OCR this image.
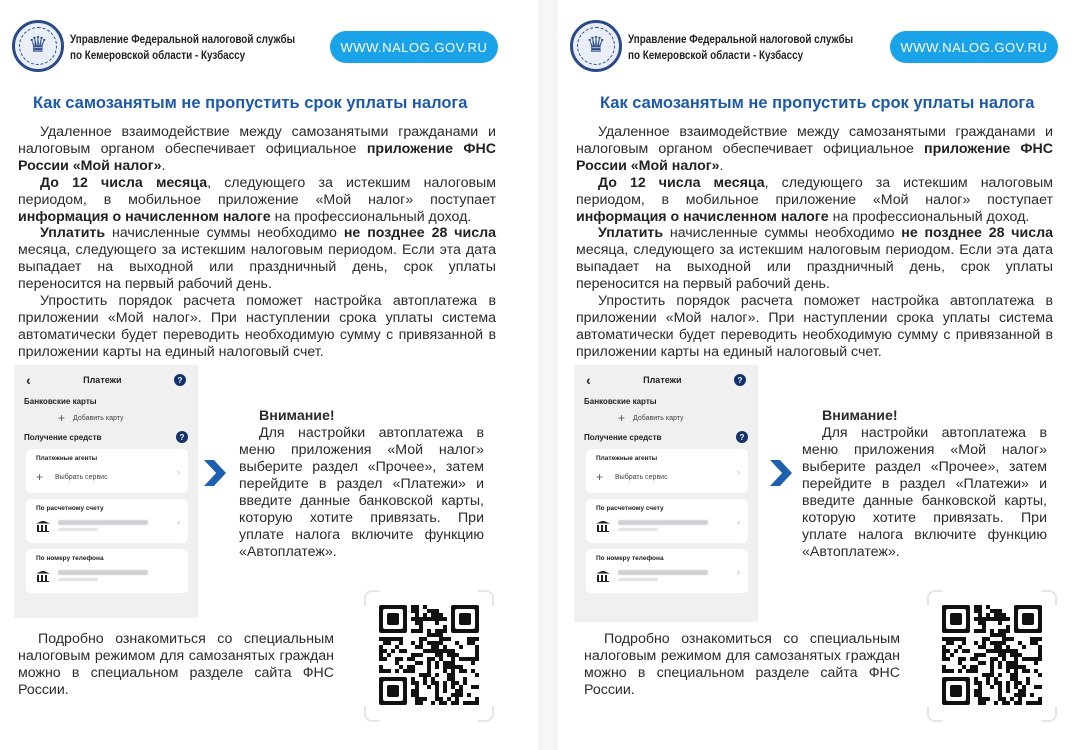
♛ Управление Федеральной налоговой службы
по Кемеровской области - Кузбассу
WWW.NALOG.GOV.RU
Как самозанятым не пропустить срок уплаты налога

Удаленное взаимодействие между самозанятыми гражданами и налоговым органом обеспечивает официальное приложение ФНС России «Мой налог».

До 12 числа месяца, следующего за истекшим налоговым периодом, в мобильное приложение «Мой налог» поступает информация о начисленном налоге на профессиональный доход.

Уплатить начисленные суммы необходимо не позднее 28 числа месяца, следующего за истекшим налоговым периодом. Если эта дата выпадает на выходной или праздничный день, срок уплаты переносится на первый рабочий день.

Упростить порядок расчета поможет настройка автоплатежа в приложении «Мой налог». При наступлении срока уплаты система автоматически будет переводить необходимую сумму с привязанной в приложении карты на единый налоговый счет.

‹	Платежи	?
Банковские карты
+ Добавить карту
Получение средств	?
Платежные агенты
+ Выбрать сервис	›
По расчетному счету
›
По номеру телефона
Внимание!

Для настройки автоплатежа в меню приложения «Мой налог» выберите раздел «Прочее», затем перейдите в раздел «Платежи» и введите данные банковской карты, которую хотите привязать. При уплате налога включите функцию «Автоплатеж».

Подробно ознакомиться со специальным налоговым режимом для самозанятых граждан можно в специальном разделе сайта ФНС России.

♛ Управление Федеральной налоговой службы
по Кемеровской области - Кузбассу
WWW.NALOG.GOV.RU
Как самозанятым не пропустить срок уплаты налога

Удаленное взаимодействие между самозанятыми гражданами и налоговым органом обеспечивает официальное приложение ФНС России «Мой налог».

До 12 числа месяца, следующего за истекшим налоговым периодом, в мобильное приложение «Мой налог» поступает информация о начисленном налоге на профессиональный доход.

Уплатить начисленные суммы необходимо не позднее 28 числа месяца, следующего за истекшим налоговым периодом. Если эта дата выпадает на выходной или праздничный день, срок уплаты переносится на первый рабочий день.

Упростить порядок расчета поможет настройка автоплатежа в приложении «Мой налог». При наступлении срока уплаты система автоматически будет переводить необходимую сумму с привязанной в приложении карты на единый налоговый счет.

‹	Платежи	?
Банковские карты
+ Добавить карту
Получение средств	?
Платежные агенты
+ Выбрать сервис	›
По расчетному счету
›
По номеру телефона
›
Внимание!

Для настройки автоплатежа в меню приложения «Мой налог» выберите раздел «Прочее», затем перейдите в раздел «Платежи» и введите данные банковской карты, которую хотите привязать. При уплате налога включите функцию «Автоплатеж».

Подробно ознакомиться со специальным налоговым режимом для самозанятых граждан можно в специальном разделе сайта ФНС России.
